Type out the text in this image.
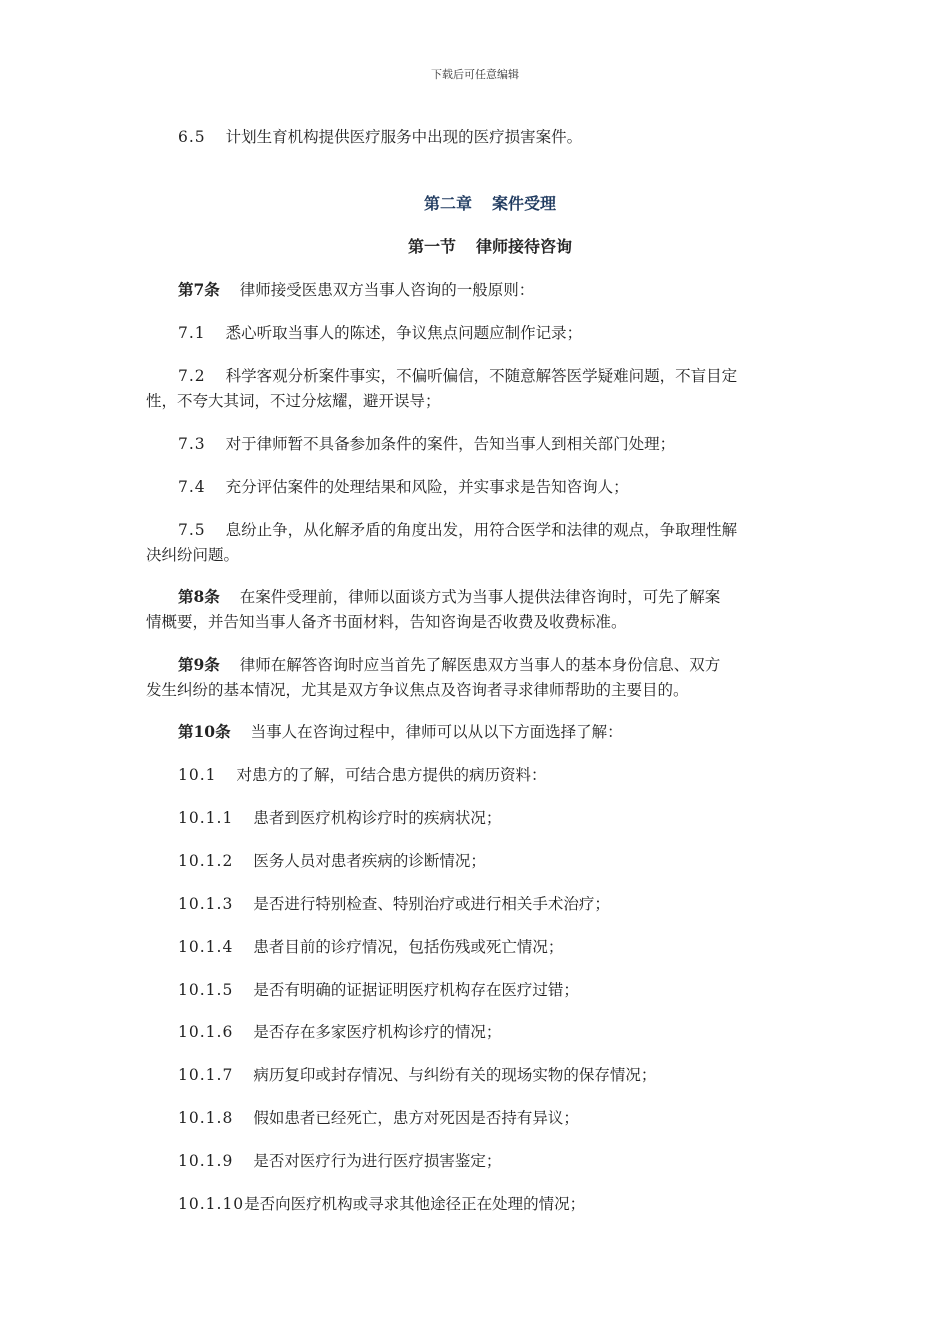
下载后可任意编辑
6.5 计划生育机构提供医疗服务中出现的医疗损害案件。
第二章 案件受理
第一节 律师接待咨询
第7条 律师接受医患双方当事人咨询的一般原则：
7.1 悉心听取当事人的陈述，争议焦点问题应制作记录；
7.2 科学客观分析案件事实，不偏听偏信，不随意解答医学疑难问题，不盲目定
性，不夸大其词，不过分炫耀，避开误导；
7.3 对于律师暂不具备参加条件的案件，告知当事人到相关部门处理；
7.4 充分评估案件的处理结果和风险，并实事求是告知咨询人；
7.5 息纷止争，从化解矛盾的角度出发，用符合医学和法律的观点，争取理性解
决纠纷问题。
第8条 在案件受理前，律师以面谈方式为当事人提供法律咨询时，可先了解案
情概要，并告知当事人备齐书面材料，告知咨询是否收费及收费标准。
第9条 律师在解答咨询时应当首先了解医患双方当事人的基本身份信息、双方
发生纠纷的基本情况，尤其是双方争议焦点及咨询者寻求律师帮助的主要目的。
第10条 当事人在咨询过程中，律师可以从以下方面选择了解：
10.1 对患方的了解，可结合患方提供的病历资料：
10.1.1 患者到医疗机构诊疗时的疾病状况；
10.1.2 医务人员对患者疾病的诊断情况；
10.1.3 是否进行特别检查、特别治疗或进行相关手术治疗；
10.1.4 患者目前的诊疗情况，包括伤残或死亡情况；
10.1.5 是否有明确的证据证明医疗机构存在医疗过错；
10.1.6 是否存在多家医疗机构诊疗的情况；
10.1.7 病历复印或封存情况、与纠纷有关的现场实物的保存情况；
10.1.8 假如患者已经死亡，患方对死因是否持有异议；
10.1.9 是否对医疗行为进行医疗损害鉴定；
10.1.10是否向医疗机构或寻求其他途径正在处理的情况；
